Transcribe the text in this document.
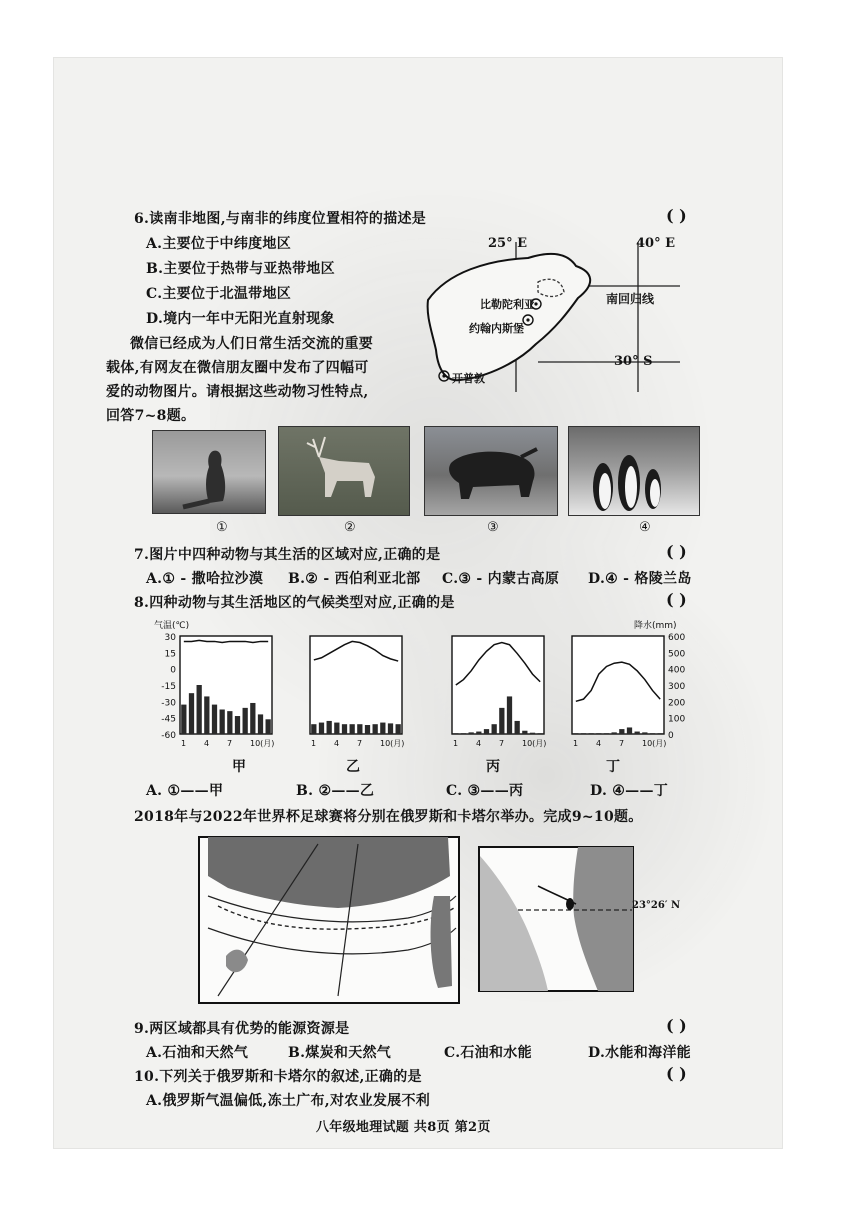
6.读南非地图,与南非的纬度位置相符的描述是	( )
A.主要位于中纬度地区
B.主要位于热带与亚热带地区
C.主要位于北温带地区
D.境内一年中无阳光直射现象
25° E	40° E
南回归线
30° S
比勒陀利亚
约翰内斯堡
开普敦
微信已经成为人们日常生活交流的重要
载体,有网友在微信朋友圈中发布了四幅可
爱的动物图片。请根据这些动物习性特点,
回答7~8题。
①	②	③	④
7.图片中四种动物与其生活的区域对应,正确的是	( )
A.① - 撒哈拉沙漠 B.② - 西伯利亚北部 C.③ - 内蒙古高原 D.④ - 格陵兰岛
8.四种动物与其生活地区的气候类型对应,正确的是	( )
1 4 7 10(月)	1 4 7 10(月)	1 4 7 10(月)	1 4 7 10(月)
30
15
0
-15
-30
-45
-60
气温(℃)
600
500
400
300
200
100
0
降水(mm)
甲	乙	丙	丁
A. ①——甲	B. ②——乙	C. ③——丙	D. ④——丁
2018年与2022年世界杯足球赛将分别在俄罗斯和卡塔尔举办。完成9~10题。
23°26′ N
9.两区域都具有优势的能源资源是	( )
A.石油和天然气	B.煤炭和天然气	C.石油和水能	D.水能和海洋能
10.下列关于俄罗斯和卡塔尔的叙述,正确的是	( )
A.俄罗斯气温偏低,冻土广布,对农业发展不利
八年级地理试题 共8页 第2页
